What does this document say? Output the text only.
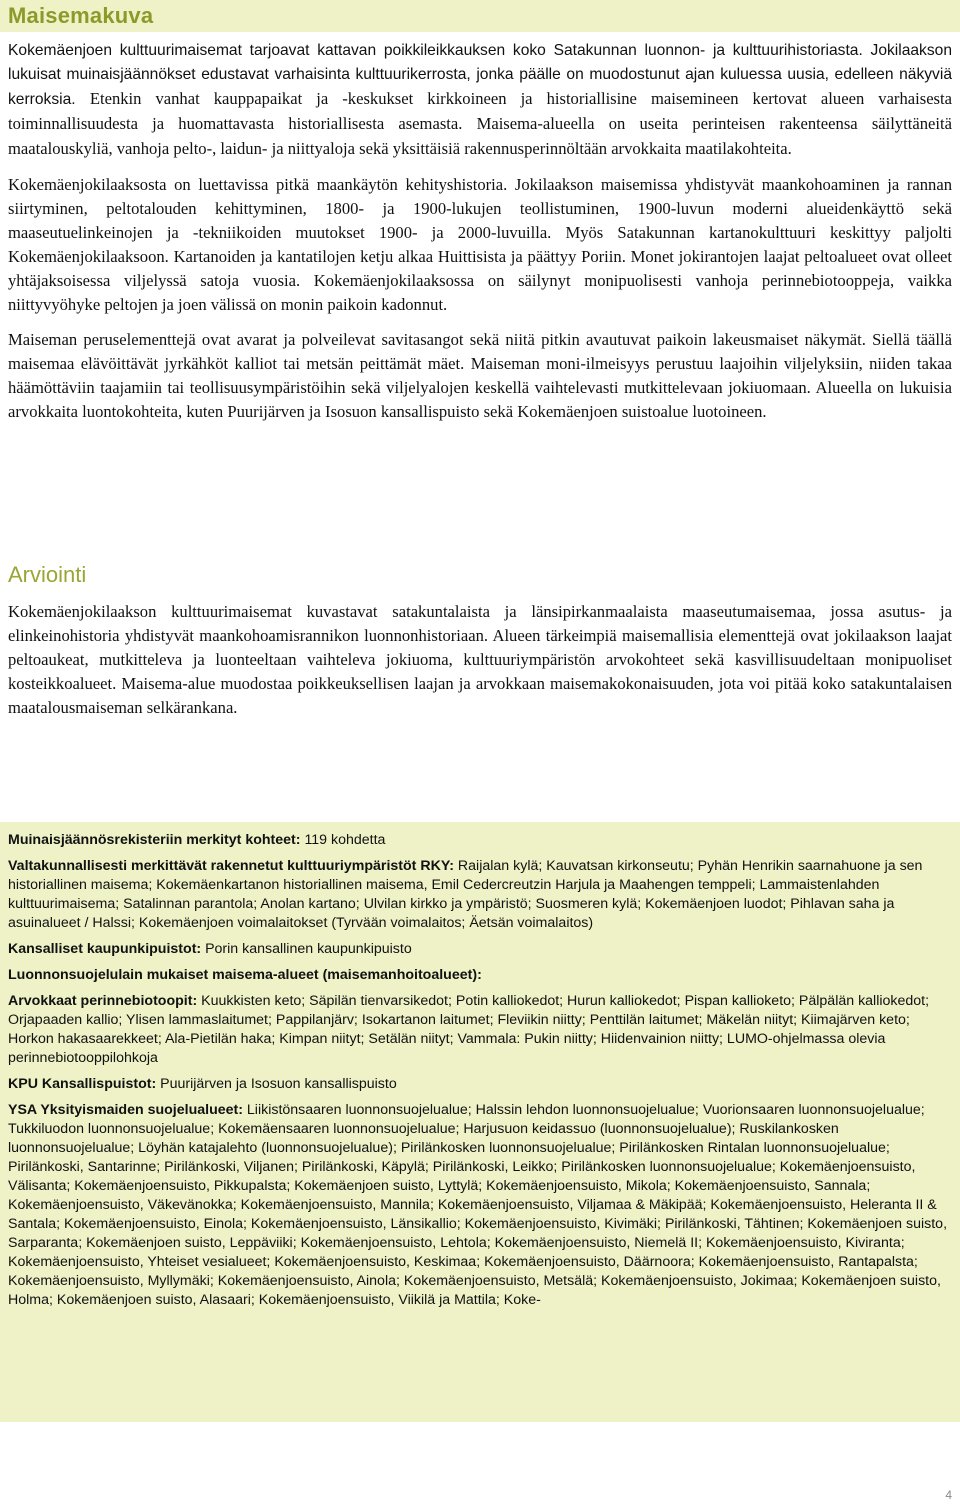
Maisemakuva

Kokemäenjoen kulttuurimaisemat tarjoavat kattavan poikkileikkauksen koko Satakunnan luonnon- ja kulttuurihistoriasta. Jokilaakson lukuisat muinaisjäännökset edustavat varhaisinta kulttuurikerrosta, jonka päälle on muodostunut ajan kuluessa uusia, edelleen näkyviä kerroksia. Etenkin vanhat kauppapaikat ja -keskukset kirkkoineen ja historiallisine maisemineen kertovat alueen varhaisesta toiminnallisuudesta ja huomattavasta historiallisesta asemasta. Maisema-alueella on useita perinteisen rakenteensa säilyttäneitä maatalouskyliä, vanhoja pelto-, laidun- ja niittyaloja sekä yksittäisiä rakennusperinnöltään arvokkaita maatilakohteita.

Kokemäenjokilaaksosta on luettavissa pitkä maankäytön kehityshistoria. Jokilaakson maisemissa yhdistyvät maankohoaminen ja rannan siirtyminen, peltotalouden kehittyminen, 1800- ja 1900-lukujen teollistuminen, 1900-luvun moderni alueidenkäyttö sekä maaseutuelinkeinojen ja -tekniikoiden muutokset 1900- ja 2000-luvuilla. Myös Satakunnan kartanokulttuuri keskittyy paljolti Kokemäenjokilaaksoon. Kartanoiden ja kantatilojen ketju alkaa Huittisista ja päättyy Poriin. Monet jokirantojen laajat peltoalueet ovat olleet yhtäjaksoisessa viljelyssä satoja vuosia. Kokemäenjokilaaksossa on säilynyt monipuolisesti vanhoja perinnebiotooppeja, vaikka niittyvyöhyke peltojen ja joen välissä on monin paikoin kadonnut.

Maiseman peruselementtejä ovat avarat ja polveilevat savitasangot sekä niitä pitkin avautuvat paikoin lakeusmaiset näkymät. Siellä täällä maisemaa elävöittävät jyrkähköt kalliot tai metsän peittämät mäet. Maiseman moni-ilmeisyys perustuu laajoihin viljelyksiin, niiden takaa häämöttäviin taajamiin tai teollisuusympäristöihin sekä viljelyalojen keskellä vaihtelevasti mutkittelevaan jokiuomaan. Alueella on lukuisia arvokkaita luontokohteita, kuten Puurijärven ja Isosuon kansallispuisto sekä Kokemäenjoen suistoalue luotoineen.

Arviointi

Kokemäenjokilaakson kulttuurimaisemat kuvastavat satakuntalaista ja länsipirkanmaalaista maaseutumaisemaa, jossa asutus- ja elinkeinohistoria yhdistyvät maankohoamisrannikon luonnonhistoriaan. Alueen tärkeimpiä maisemallisia elementtejä ovat jokilaakson laajat peltoaukeat, mutkitteleva ja luonteeltaan vaihteleva jokiuoma, kulttuuriympäristön arvokohteet sekä kasvillisuudeltaan monipuoliset kosteikkoalueet. Maisema-alue muodostaa poikkeuksellisen laajan ja arvokkaan maisemakokonaisuuden, jota voi pitää koko satakuntalaisen maatalousmaiseman selkärankana.

Muinaisjäännösrekisteriin merkityt kohteet: 119 kohdetta

Valtakunnallisesti merkittävät rakennetut kulttuuriympäristöt RKY: Raijalan kylä; Kauvatsan kirkonseutu; Pyhän Henrikin saarnahuone ja sen historiallinen maisema; Kokemäenkartanon historiallinen maisema, Emil Cedercreutzin Harjula ja Maahengen temppeli; Lammaistenlahden kulttuurimaisema; Satalinnan parantola; Anolan kartano; Ulvilan kirkko ja ympäristö; Suosmeren kylä; Kokemäenjoen luodot; Pihlavan saha ja asuinalueet / Halssi; Kokemäenjoen voimalaitokset (Tyrvään voimalaitos; Äetsän voimalaitos)

Kansalliset kaupunkipuistot: Porin kansallinen kaupunkipuisto

Luonnonsuojelulain mukaiset maisema-alueet (maisemanhoitoalueet):

Arvokkaat perinnebiotoopit: Kuukkisten keto; Säpilän tienvarsikedot; Potin kalliokedot; Hurun kalliokedot; Pispan kallioketo; Pälpälän kalliokedot; Orjapaaden kallio; Ylisen lammaslaitumet; Pappilanjärv; Isokartanon laitumet; Fleviikin niitty; Penttilän laitumet; Mäkelän niityt; Kiimajärven keto; Horkon hakasaarekkeet; Ala-Pietilän haka; Kimpan niityt; Setälän niityt; Vammala: Pukin niitty; Hiidenvainion niitty; LUMO-ohjelmassa olevia perinnebiotooppilohkoja

KPU Kansallispuistot: Puurijärven ja Isosuon kansallispuisto

YSA Yksityismaiden suojelualueet: Liikistönsaaren luonnonsuojelualue; Halssin lehdon luonnonsuojelualue; Vuorionsaaren luonnonsuojelualue; Tukkiluodon luonnonsuojelualue; Kokemäensaaren luonnonsuojelualue; Harjusuon keidassuo (luonnonsuojelualue); Ruskilankosken luonnonsuojelualue; Löyhän katajalehto (luonnonsuojelualue); Pirilänkosken luonnonsuojelualue; Pirilänkosken Rintalan luonnonsuojelualue; Pirilänkoski, Santarinne; Pirilänkoski, Viljanen; Pirilänkoski, Käpylä; Pirilänkoski, Leikko; Pirilänkosken luonnonsuojelualue; Kokemäenjoensuisto, Välisanta; Kokemäenjoensuisto, Pikkupalsta; Kokemäenjoen suisto, Lyttylä; Kokemäenjoensuisto, Mikola; Kokemäenjoensuisto, Sannala; Kokemäenjoensuisto, Väkevänokka; Kokemäenjoensuisto, Mannila; Kokemäenjoensuisto, Viljamaa & Mäkipää; Kokemäenjoensuisto, Heleranta II & Santala; Kokemäenjoensuisto, Einola; Kokemäenjoensuisto, Länsikallio; Kokemäenjoensuisto, Kivimäki; Pirilänkoski, Tähtinen; Kokemäenjoen suisto, Sarparanta; Kokemäenjoen suisto, Leppäviiki; Kokemäenjoensuisto, Lehtola; Kokemäenjoensuisto, Niemelä II; Kokemäenjoensuisto, Kiviranta; Kokemäenjoensuisto, Yhteiset vesialueet; Kokemäenjoensuisto, Keskimaa; Kokemäenjoensuisto, Däärnoora; Kokemäenjoensuisto, Rantapalsta; Kokemäenjoensuisto, Myllymäki; Kokemäenjoensuisto, Ainola; Kokemäenjoensuisto, Metsälä; Kokemäenjoensuisto, Jokimaa; Kokemäenjoen suisto, Holma; Kokemäenjoen suisto, Alasaari; Kokemäenjoensuisto, Viikilä ja Mattila; Koke-

4
